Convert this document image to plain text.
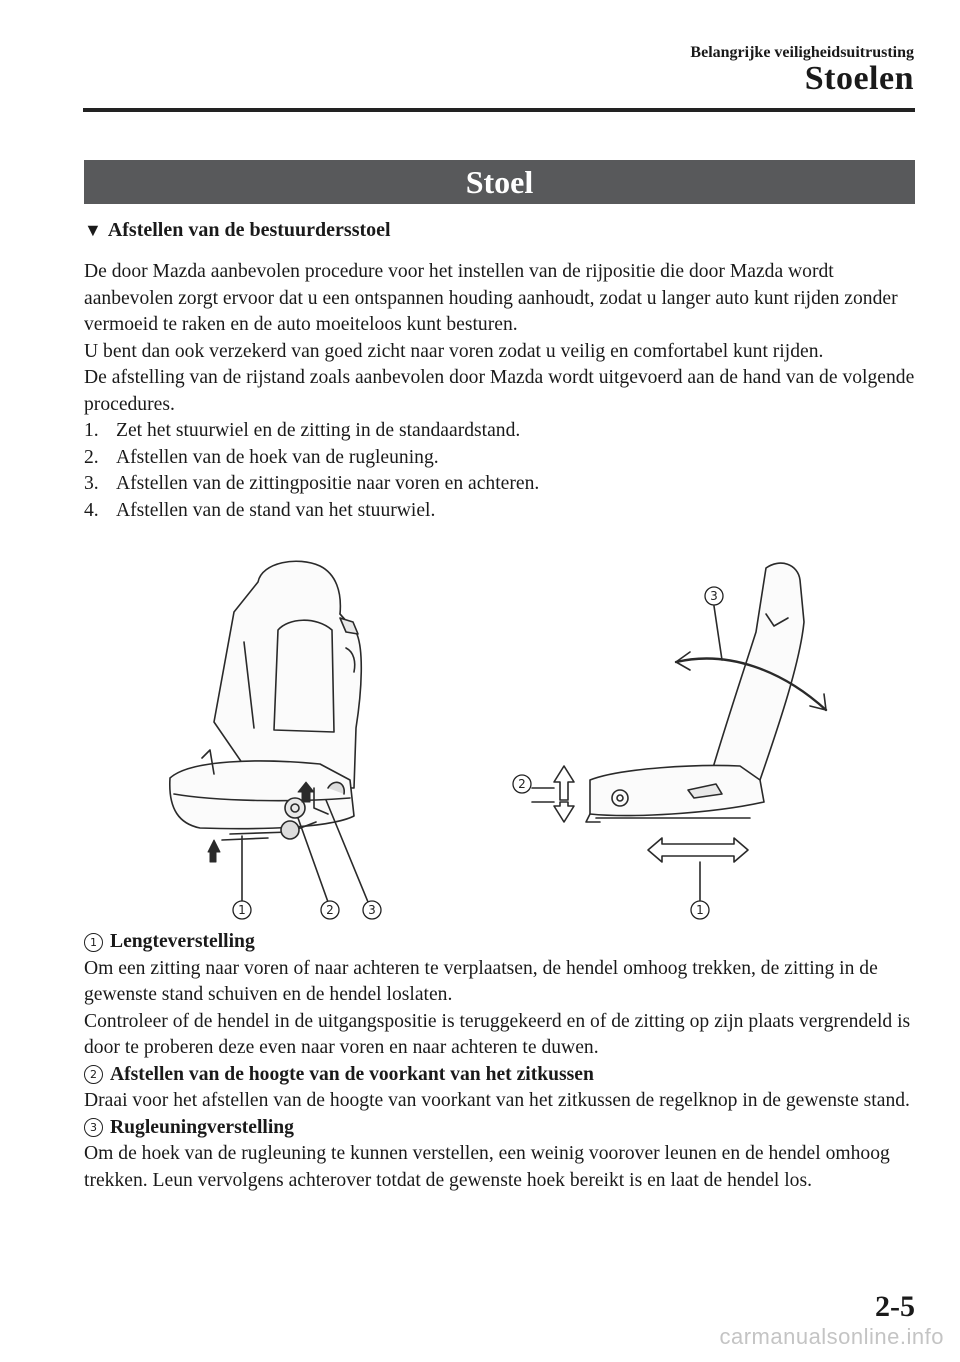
Belangrijke veiligheidsuitrusting
Stoelen
Stoel
▼ Afstellen van de bestuurdersstoel

De door Mazda aanbevolen procedure voor het instellen van de rijpositie die door Mazda wordt aanbevolen zorgt ervoor dat u een ontspannen houding aanhoudt, zodat u langer auto kunt rijden zonder vermoeid te raken en de auto moeiteloos kunt besturen.

U bent dan ook verzekerd van goed zicht naar voren zodat u veilig en comfortabel kunt rijden.

De afstelling van de rijstand zoals aanbevolen door Mazda wordt uitgevoerd aan de hand van de volgende procedures.

1. Zet het stuurwiel en de zitting in de standaardstand.
2. Afstellen van de hoek van de rugleuning.
3. Afstellen van de zittingpositie naar voren en achteren.
4. Afstellen van de stand van het stuurwiel.
1	2	3	1
2
3

1 Lengteverstelling

Om een zitting naar voren of naar achteren te verplaatsen, de hendel omhoog trekken, de zitting in de gewenste stand schuiven en de hendel loslaten.

Controleer of de hendel in de uitgangspositie is teruggekeerd en of de zitting op zijn plaats vergrendeld is door te proberen deze even naar voren en naar achteren te duwen.

2 Afstellen van de hoogte van de voorkant van het zitkussen

Draai voor het afstellen van de hoogte van voorkant van het zitkussen de regelknop in de gewenste stand.

3 Rugleuningverstelling

Om de hoek van de rugleuning te kunnen verstellen, een weinig voorover leunen en de hendel omhoog trekken. Leun vervolgens achterover totdat de gewenste hoek bereikt is en laat de hendel los.

2-5
carmanualsonline.info
